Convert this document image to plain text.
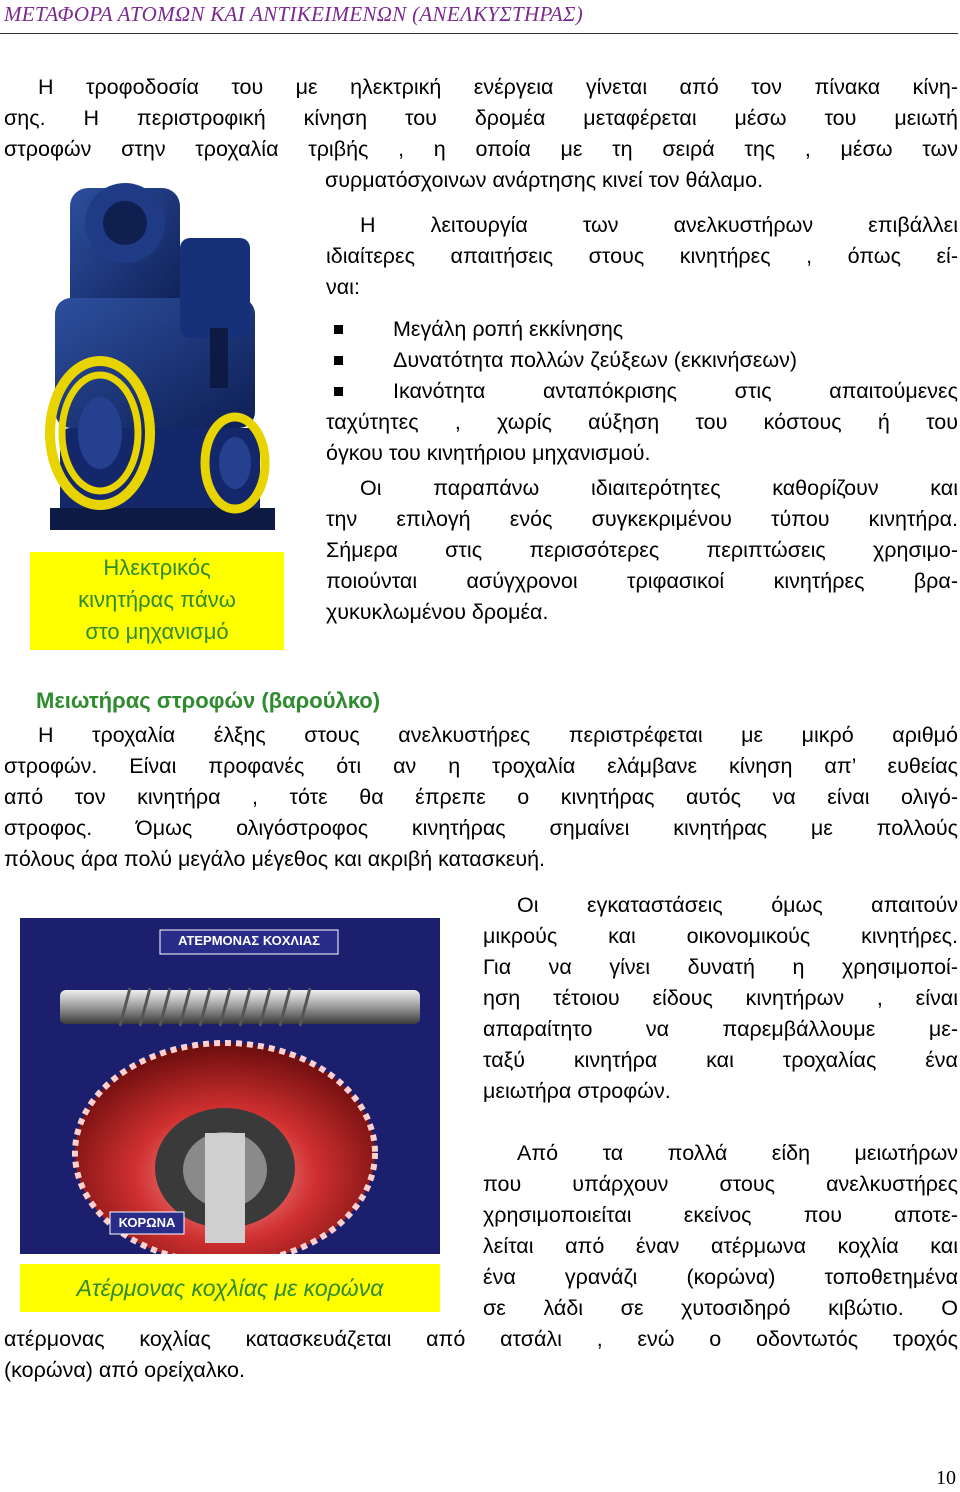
ΜΕΤΑΦΟΡΑ ΑΤΟΜΩΝ ΚΑΙ ΑΝΤΙΚΕΙΜΕΝΩΝ (ΑΝΕΛΚΥΣΤΗΡΑΣ)
Η τροφοδοσία του με ηλεκτρική ενέργεια γίνεται από τον πίνακα κίνη-
σης. Η περιστροφική κίνηση του δρομέα μεταφέρεται μέσω του μειωτή
στροφών στην τροχαλία τριβής , η οποία με τη σειρά της , μέσω των
συρματόσχοινων ανάρτησης κινεί τον θάλαμο.
Ηλεκτρικός
κινητήρας πάνω
στο μηχανισμό
Η λειτουργία των ανελκυστήρων επιβάλλει
ιδιαίτερες απαιτήσεις στους κινητήρες , όπως εί-
ναι:
Μεγάλη ροπή εκκίνησης
Δυνατότητα πολλών ζεύξεων (εκκινήσεων)
Ικανότητα ανταπόκρισης στις απαιτούμενες
ταχύτητες , χωρίς αύξηση του κόστους ή του
όγκου του κινητήριου μηχανισμού.
Οι παραπάνω ιδιαιτερότητες καθορίζουν και
την επιλογή ενός συγκεκριμένου τύπου κινητήρα.
Σήμερα στις περισσότερες περιπτώσεις χρησιμο-
ποιούνται ασύγχρονοι τριφασικοί κινητήρες βρα-
χυκυκλωμένου δρομέα.
Μειωτήρας στροφών (βαρούλκο)
Η τροχαλία έλξης στους ανελκυστήρες περιστρέφεται με μικρό αριθμό
στροφών. Είναι προφανές ότι αν η τροχαλία ελάμβανε κίνηση απ’ ευθείας
από τον κινητήρα , τότε θα έπρεπε ο κινητήρας αυτός να είναι ολιγό-
στροφος. Όμως ολιγόστροφος κινητήρας σημαίνει κινητήρας με πολλούς
πόλους άρα πολύ μεγάλο μέγεθος και ακριβή κατασκευή.
ΑΤΕΡΜΟΝΑΣ ΚΟΧΛΙΑΣ
ΚΟΡΩΝΑ
Ατέρμονας κοχλίας με κορώνα
Οι εγκαταστάσεις όμως απαιτούν
μικρούς και οικονομικούς κινητήρες.
Για να γίνει δυνατή η χρησιμοποί-
ηση τέτοιου είδους κινητήρων , είναι
απαραίτητο να παρεμβάλλουμε με-
ταξύ κινητήρα και τροχαλίας ένα
μειωτήρα στροφών.
Από τα πολλά είδη μειωτήρων
που υπάρχουν στους ανελκυστήρες
χρησιμοποιείται εκείνος που αποτε-
λείται από έναν ατέρμωνα κοχλία και
ένα γρανάζι (κορώνα) τοποθετημένα
σε λάδι σε χυτοσιδηρό κιβώτιο. Ο
ατέρμονας κοχλίας κατασκευάζεται από ατσάλι , ενώ ο οδοντωτός τροχός
(κορώνα) από ορείχαλκο.
10
